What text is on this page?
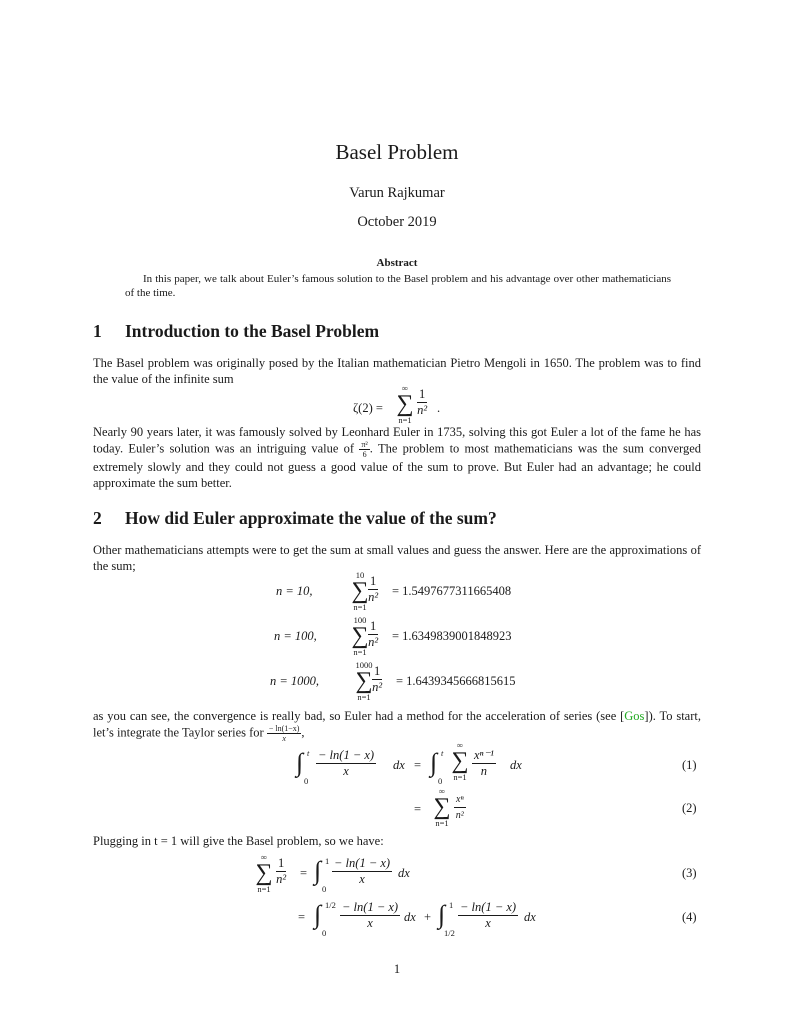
Basel Problem
Varun Rajkumar
October 2019
Abstract
In this paper, we talk about Euler’s famous solution to the Basel problem and his advantage over other mathematicians of the time.
1 Introduction to the Basel Problem
The Basel problem was originally posed by the Italian mathematician Pietro Mengoli in 1650. The problem was to find the value of the infinite sum
ζ(2) =
∞
∑
n=1
$\frac{1}{\text{n²}}$ .
Nearly 90 years later, it was famously solved by Leonhard Euler in 1735, solving this got Euler a lot of the fame he has today. Euler’s solution was an intriguing value of $\frac{\text{π²}}{6}$ . The problem to most mathematicians was the sum converged extremely slowly and they could not guess a good value of the sum to prove. But Euler had an advantage; he could approximate the sum better.
2 How did Euler approximate the value of the sum?
Other mathematicians attempts were to get the sum at small values and guess the answer. Here are the approximations of the sum;
n = 10,
10
∑
n=1
$\frac{1}{\text{n²}} = 1.5497677311665408$
n = 100,
100
∑
n=1
$\frac{1}{\text{n²}} = 1.6349839001848923$
n = 1000,
1000
∑
n=1
$\frac{1}{\text{n²}} = 1.6439345666815615$
as you can see, the convergence is really bad, so Euler had a method for the acceleration of series (see [Gos]). To start, let’s integrate the Taylor series for $\frac{- \ln(1-x)}{x}$ ,
∫ t
0
$\frac{- \ln(1 - x)}{x}$ dx = ∫ t
0
∞
∑
$n=1 \frac{\text{xⁿ⁻¹}}{n}$ dx	(1)
=
∞
∑
$n=1 \frac{\text{xⁿ}}{\text{n²}}$	(2)
Plugging in t = 1 will give the Basel problem, so we have:
∞
∑
n=1
$\frac{1}{\text{n²}}$ = ∫ 1
0
$\frac{- \ln(1 - x)}{x}$ dx	(3)
= ∫ 1/2
0
$\frac{- \ln(1 - x)}{x}$ dx + ∫ 1
1/2
$\frac{- \ln(1 - x)}{x}$ dx	(4)
1
